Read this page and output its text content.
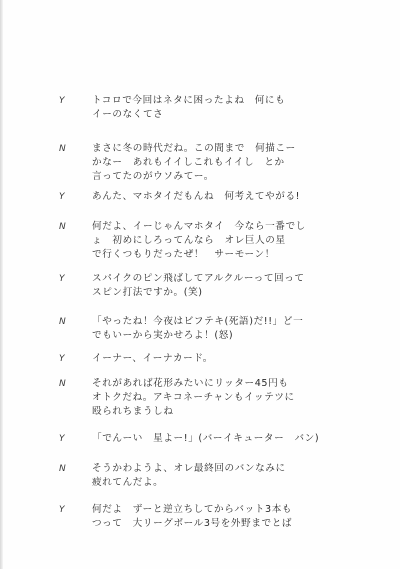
Y	トコロで今回はネタに困ったよね　何にも
イーのなくてさ
N	まさに冬の時代だね。この間まで　何描こー
かなー　あれもイイしこれもイイし　とか
言ってたのがウソみてー。
Y	あんた、マホタイだもんね　何考えてやがる!
N	何だよ、イーじゃんマホタイ　今なら一番でし
ょ　初めにしろってんなら　オレ巨人の星
で行くつもりだったぜ！　サーモーン！
Y	スパイクのピン飛ばしてアルクルーって回って
スピン打法ですか。(笑)
N	「やったね！今夜はビフテキ(死語)だ!!」ど一
でもいーから実かせろよ！(怒)
Y	イーナー、イーナカード。
N	それがあれば花形みたいにリッター45円も
オトクだね。アキコネーチャンもイッテツに
殴られちまうしね
Y	「でんーい　星よー!」(バーイキューター　バン)
N	そうかわようよ、オレ最終回のバンなみに
疲れてんだよ。
Y	何だよ　ずーと逆立ちしてからバット3本も
つって　大リーグボール3号を外野までとば
